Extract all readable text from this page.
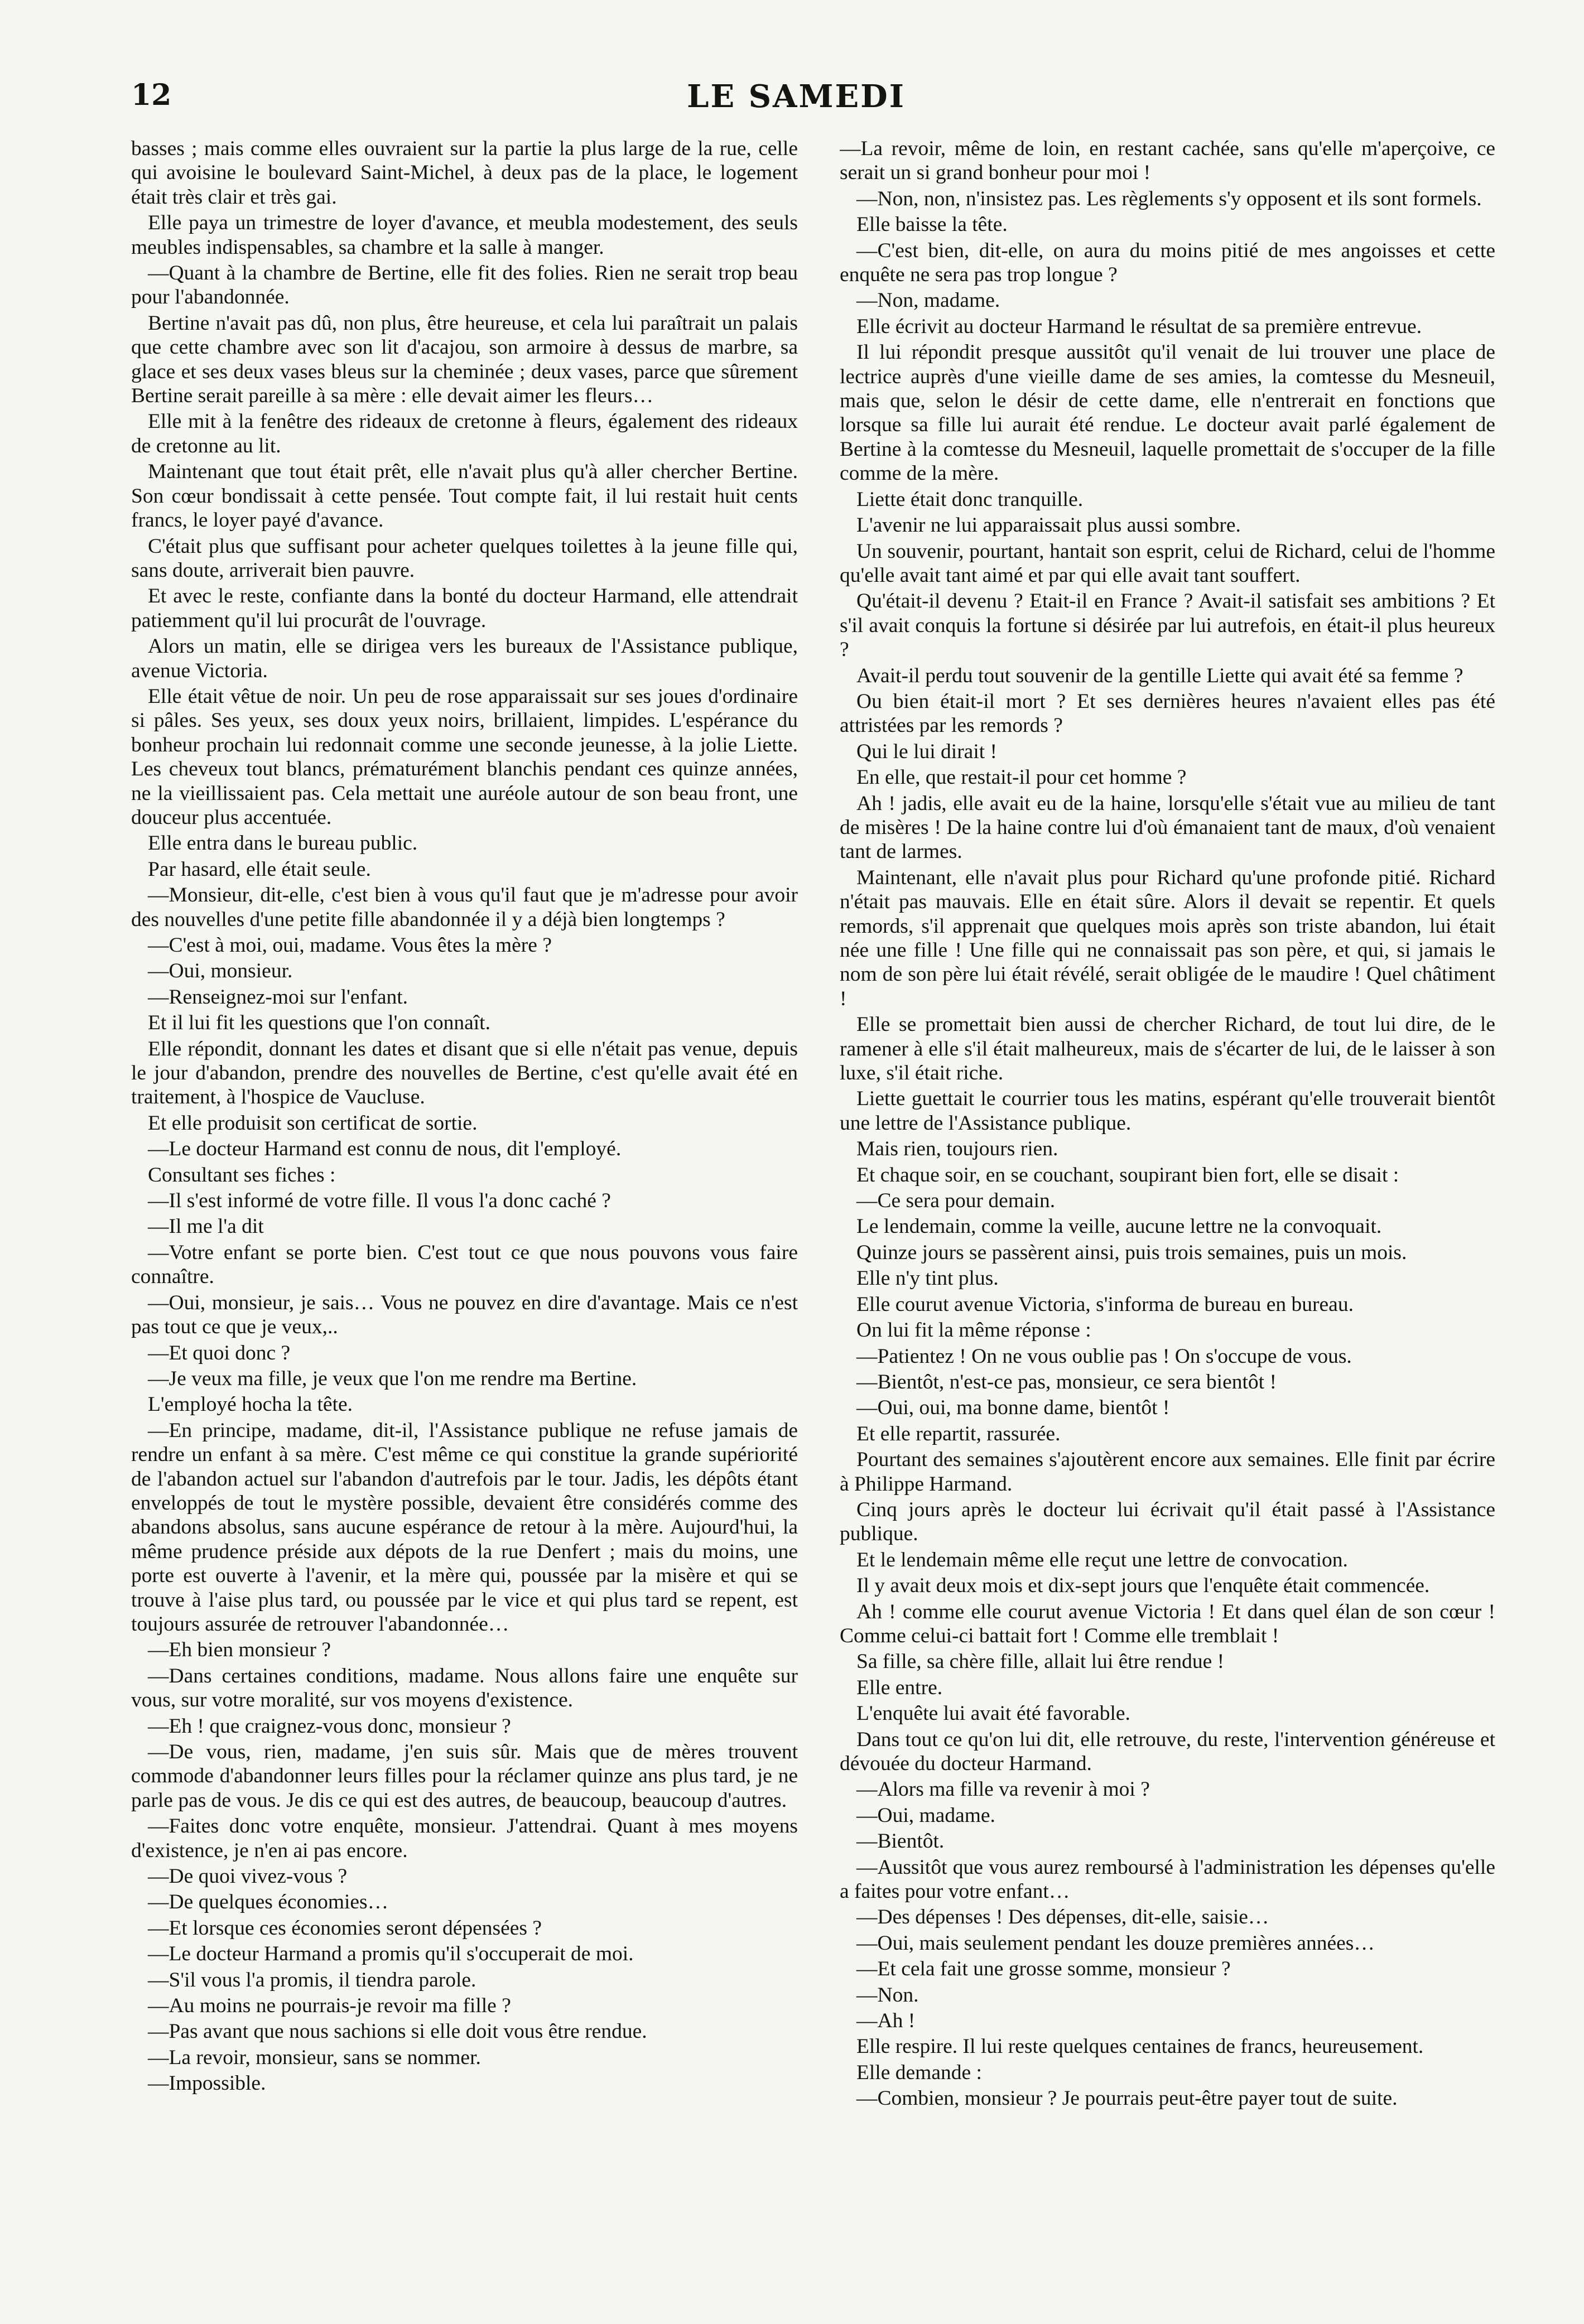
12	LE SAMEDI

basses ; mais comme elles ouvraient sur la partie la plus large de la rue, celle qui avoisine le boulevard Saint-Michel, à deux pas de la place, le logement était très clair et très gai.

Elle paya un trimestre de loyer d'avance, et meubla modestement, des seuls meubles indispensables, sa chambre et la salle à manger.

—Quant à la chambre de Bertine, elle fit des folies. Rien ne serait trop beau pour l'abandonnée.

Bertine n'avait pas dû, non plus, être heureuse, et cela lui paraîtrait un palais que cette chambre avec son lit d'acajou, son armoire à dessus de marbre, sa glace et ses deux vases bleus sur la cheminée ; deux vases, parce que sûrement Bertine serait pareille à sa mère : elle devait aimer les fleurs…

Elle mit à la fenêtre des rideaux de cretonne à fleurs, également des rideaux de cretonne au lit.

Maintenant que tout était prêt, elle n'avait plus qu'à aller chercher Bertine. Son cœur bondissait à cette pensée. Tout compte fait, il lui restait huit cents francs, le loyer payé d'avance.

C'était plus que suffisant pour acheter quelques toilettes à la jeune fille qui, sans doute, arriverait bien pauvre.

Et avec le reste, confiante dans la bonté du docteur Harmand, elle attendrait patiemment qu'il lui procurât de l'ouvrage.

Alors un matin, elle se dirigea vers les bureaux de l'Assistance publique, avenue Victoria.

Elle était vêtue de noir. Un peu de rose apparaissait sur ses joues d'ordinaire si pâles. Ses yeux, ses doux yeux noirs, brillaient, limpides. L'espérance du bonheur prochain lui redonnait comme une seconde jeunesse, à la jolie Liette. Les cheveux tout blancs, prématurément blanchis pendant ces quinze années, ne la vieillissaient pas. Cela mettait une auréole autour de son beau front, une douceur plus accentuée.

Elle entra dans le bureau public.

Par hasard, elle était seule.

—Monsieur, dit-elle, c'est bien à vous qu'il faut que je m'adresse pour avoir des nouvelles d'une petite fille abandonnée il y a déjà bien longtemps ?

—C'est à moi, oui, madame. Vous êtes la mère ?

—Oui, monsieur.

—Renseignez-moi sur l'enfant.

Et il lui fit les questions que l'on connaît.

Elle répondit, donnant les dates et disant que si elle n'était pas venue, depuis le jour d'abandon, prendre des nouvelles de Bertine, c'est qu'elle avait été en traitement, à l'hospice de Vaucluse.

Et elle produisit son certificat de sortie.

—Le docteur Harmand est connu de nous, dit l'employé.

Consultant ses fiches :

—Il s'est informé de votre fille. Il vous l'a donc caché ?

—Il me l'a dit

—Votre enfant se porte bien. C'est tout ce que nous pouvons vous faire connaître.

—Oui, monsieur, je sais… Vous ne pouvez en dire d'avantage. Mais ce n'est pas tout ce que je veux,..

—Et quoi donc ?

—Je veux ma fille, je veux que l'on me rendre ma Bertine.

L'employé hocha la tête.

—En principe, madame, dit-il, l'Assistance publique ne refuse jamais de rendre un enfant à sa mère. C'est même ce qui constitue la grande supériorité de l'abandon actuel sur l'abandon d'autrefois par le tour. Jadis, les dépôts étant enveloppés de tout le mystère possible, devaient être considérés comme des abandons absolus, sans aucune espérance de retour à la mère. Aujourd'hui, la même prudence préside aux dépots de la rue Denfert ; mais du moins, une porte est ouverte à l'avenir, et la mère qui, poussée par la misère et qui se trouve à l'aise plus tard, ou poussée par le vice et qui plus tard se repent, est toujours assurée de retrouver l'abandonnée…

—Eh bien monsieur ?

—Dans certaines conditions, madame. Nous allons faire une enquête sur vous, sur votre moralité, sur vos moyens d'existence.

—Eh ! que craignez-vous donc, monsieur ?

—De vous, rien, madame, j'en suis sûr. Mais que de mères trouvent commode d'abandonner leurs filles pour la réclamer quinze ans plus tard, je ne parle pas de vous. Je dis ce qui est des autres, de beaucoup, beaucoup d'autres.

—Faites donc votre enquête, monsieur. J'attendrai. Quant à mes moyens d'existence, je n'en ai pas encore.

—De quoi vivez-vous ?

—De quelques économies…

—Et lorsque ces économies seront dépensées ?

—Le docteur Harmand a promis qu'il s'occuperait de moi.

—S'il vous l'a promis, il tiendra parole.

—Au moins ne pourrais-je revoir ma fille ?

—Pas avant que nous sachions si elle doit vous être rendue.

—La revoir, monsieur, sans se nommer.

—Impossible.

—La revoir, même de loin, en restant cachée, sans qu'elle m'aperçoive, ce serait un si grand bonheur pour moi !

—Non, non, n'insistez pas. Les règlements s'y opposent et ils sont formels.

Elle baisse la tête.

—C'est bien, dit-elle, on aura du moins pitié de mes angoisses et cette enquête ne sera pas trop longue ?

—Non, madame.

Elle écrivit au docteur Harmand le résultat de sa première entrevue.

Il lui répondit presque aussitôt qu'il venait de lui trouver une place de lectrice auprès d'une vieille dame de ses amies, la comtesse du Mesneuil, mais que, selon le désir de cette dame, elle n'entrerait en fonctions que lorsque sa fille lui aurait été rendue. Le docteur avait parlé également de Bertine à la comtesse du Mesneuil, laquelle promettait de s'occuper de la fille comme de la mère.

Liette était donc tranquille.

L'avenir ne lui apparaissait plus aussi sombre.

Un souvenir, pourtant, hantait son esprit, celui de Richard, celui de l'homme qu'elle avait tant aimé et par qui elle avait tant souffert.

Qu'était-il devenu ? Etait-il en France ? Avait-il satisfait ses ambitions ? Et s'il avait conquis la fortune si désirée par lui autrefois, en était-il plus heureux ?

Avait-il perdu tout souvenir de la gentille Liette qui avait été sa femme ?

Ou bien était-il mort ? Et ses dernières heures n'avaient elles pas été attristées par les remords ?

Qui le lui dirait !

En elle, que restait-il pour cet homme ?

Ah ! jadis, elle avait eu de la haine, lorsqu'elle s'était vue au milieu de tant de misères ! De la haine contre lui d'où émanaient tant de maux, d'où venaient tant de larmes.

Maintenant, elle n'avait plus pour Richard qu'une profonde pitié. Richard n'était pas mauvais. Elle en était sûre. Alors il devait se repentir. Et quels remords, s'il apprenait que quelques mois après son triste abandon, lui était née une fille ! Une fille qui ne connaissait pas son père, et qui, si jamais le nom de son père lui était révélé, serait obligée de le maudire ! Quel châtiment !

Elle se promettait bien aussi de chercher Richard, de tout lui dire, de le ramener à elle s'il était malheureux, mais de s'écarter de lui, de le laisser à son luxe, s'il était riche.

Liette guettait le courrier tous les matins, espérant qu'elle trouverait bientôt une lettre de l'Assistance publique.

Mais rien, toujours rien.

Et chaque soir, en se couchant, soupirant bien fort, elle se disait :

—Ce sera pour demain.

Le lendemain, comme la veille, aucune lettre ne la convoquait.

Quinze jours se passèrent ainsi, puis trois semaines, puis un mois.

Elle n'y tint plus.

Elle courut avenue Victoria, s'informa de bureau en bureau.

On lui fit la même réponse :

—Patientez ! On ne vous oublie pas ! On s'occupe de vous.

—Bientôt, n'est-ce pas, monsieur, ce sera bientôt !

—Oui, oui, ma bonne dame, bientôt !

Et elle repartit, rassurée.

Pourtant des semaines s'ajoutèrent encore aux semaines. Elle finit par écrire à Philippe Harmand.

Cinq jours après le docteur lui écrivait qu'il était passé à l'Assistance publique.

Et le lendemain même elle reçut une lettre de convocation.

Il y avait deux mois et dix-sept jours que l'enquête était commencée.

Ah ! comme elle courut avenue Victoria ! Et dans quel élan de son cœur ! Comme celui-ci battait fort ! Comme elle tremblait !

Sa fille, sa chère fille, allait lui être rendue !

Elle entre.

L'enquête lui avait été favorable.

Dans tout ce qu'on lui dit, elle retrouve, du reste, l'intervention généreuse et dévouée du docteur Harmand.

—Alors ma fille va revenir à moi ?

—Oui, madame.

—Bientôt.

—Aussitôt que vous aurez remboursé à l'administration les dépenses qu'elle a faites pour votre enfant…

—Des dépenses ! Des dépenses, dit-elle, saisie…

—Oui, mais seulement pendant les douze premières années…

—Et cela fait une grosse somme, monsieur ?

—Non.

—Ah !

Elle respire. Il lui reste quelques centaines de francs, heureusement.

Elle demande :

—Combien, monsieur ? Je pourrais peut-être payer tout de suite.
